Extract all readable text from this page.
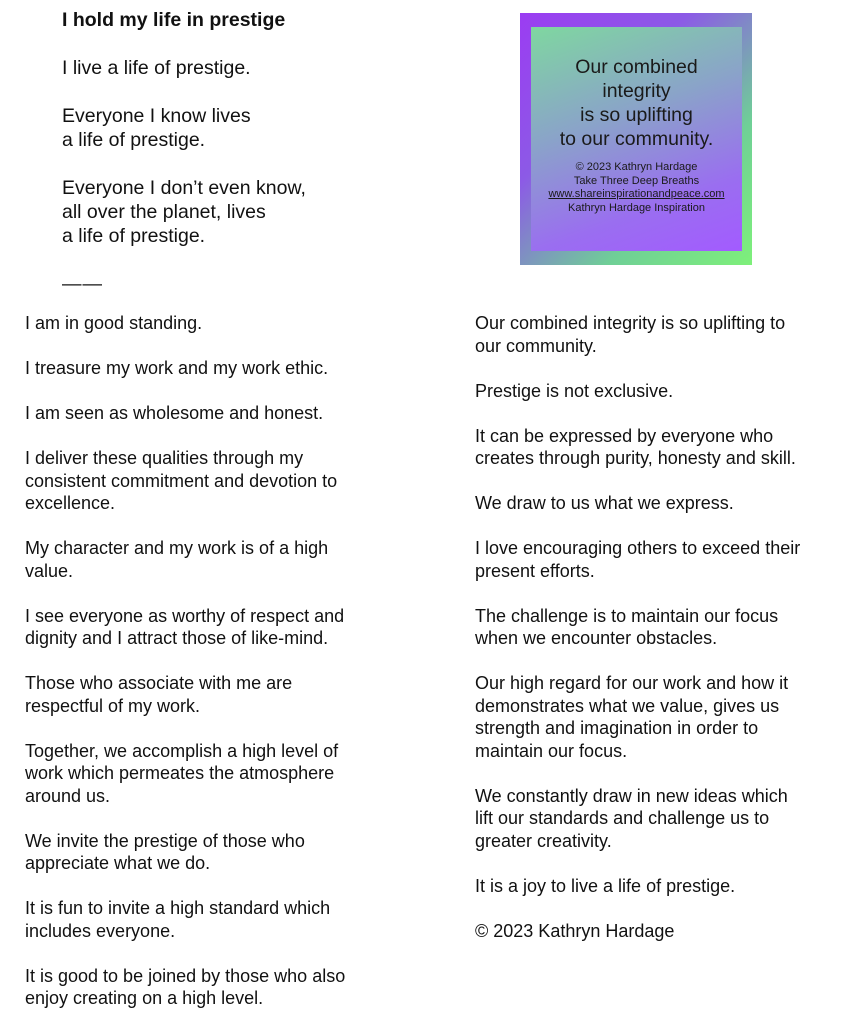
I hold my life in prestige

I live a life of prestige.

Everyone I know lives
a life of prestige.

Everyone I don’t even know,
all over the planet, lives
a life of prestige.

——

Our combined
integrity
is so uplifting
to our community.
© 2023 Kathryn Hardage
Take Three Deep Breaths
www.shareinspirationandpeace.com
Kathryn Hardage Inspiration

I am in good standing.

I treasure my work and my work ethic.

I am seen as wholesome and honest.

I deliver these qualities through my
consistent commitment and devotion to
excellence.

My character and my work is of a high
value.

I see everyone as worthy of respect and
dignity and I attract those of like-mind.

Those who associate with me are
respectful of my work.

Together, we accomplish a high level of
work which permeates the atmosphere
around us.

We invite the prestige of those who
appreciate what we do.

It is fun to invite a high standard which
includes everyone.

It is good to be joined by those who also
enjoy creating on a high level.

Our combined integrity is so uplifting to
our community.

Prestige is not exclusive.

It can be expressed by everyone who
creates through purity, honesty and skill.

We draw to us what we express.

I love encouraging others to exceed their
present efforts.

The challenge is to maintain our focus
when we encounter obstacles.

Our high regard for our work and how it
demonstrates what we value, gives us
strength and imagination in order to
maintain our focus.

We constantly draw in new ideas which
lift our standards and challenge us to
greater creativity.

It is a joy to live a life of prestige.

© 2023 Kathryn Hardage
